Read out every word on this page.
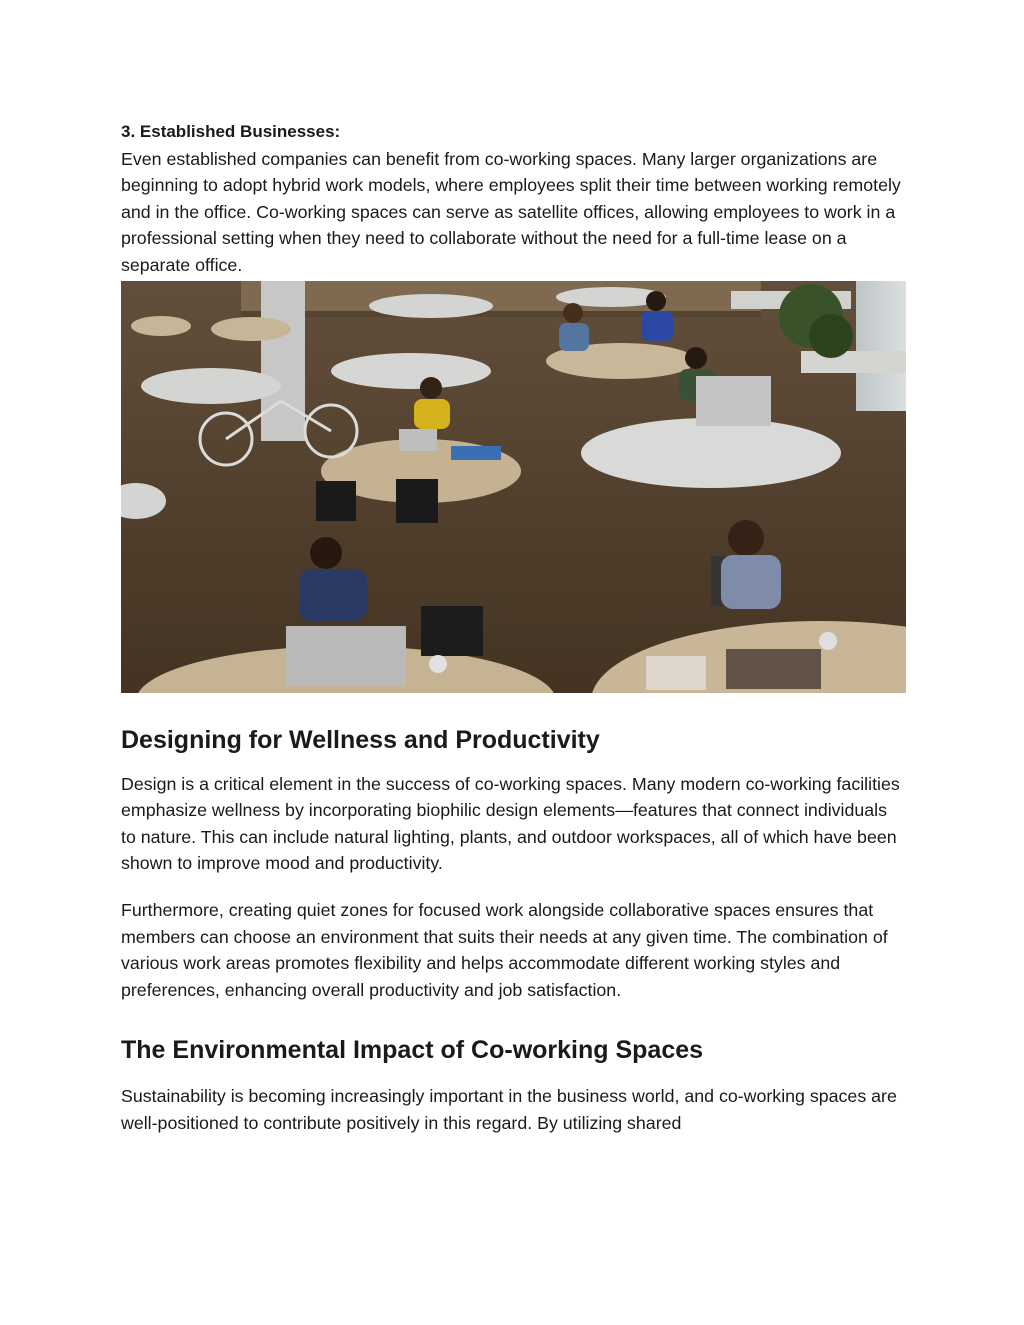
3. Established Businesses:

Even established companies can benefit from co-working spaces. Many larger organizations are beginning to adopt hybrid work models, where employees split their time between working remotely and in the office. Co-working spaces can serve as satellite offices, allowing employees to work in a professional setting when they need to collaborate without the need for a full-time lease on a separate office.

Designing for Wellness and Productivity

Design is a critical element in the success of co-working spaces. Many modern co-working facilities emphasize wellness by incorporating biophilic design elements—features that connect individuals to nature. This can include natural lighting, plants, and outdoor workspaces, all of which have been shown to improve mood and productivity.

Furthermore, creating quiet zones for focused work alongside collaborative spaces ensures that members can choose an environment that suits their needs at any given time. The combination of various work areas promotes flexibility and helps accommodate different working styles and preferences, enhancing overall productivity and job satisfaction.

The Environmental Impact of Co-working Spaces

Sustainability is becoming increasingly important in the business world, and co-working spaces are well-positioned to contribute positively in this regard. By utilizing shared
